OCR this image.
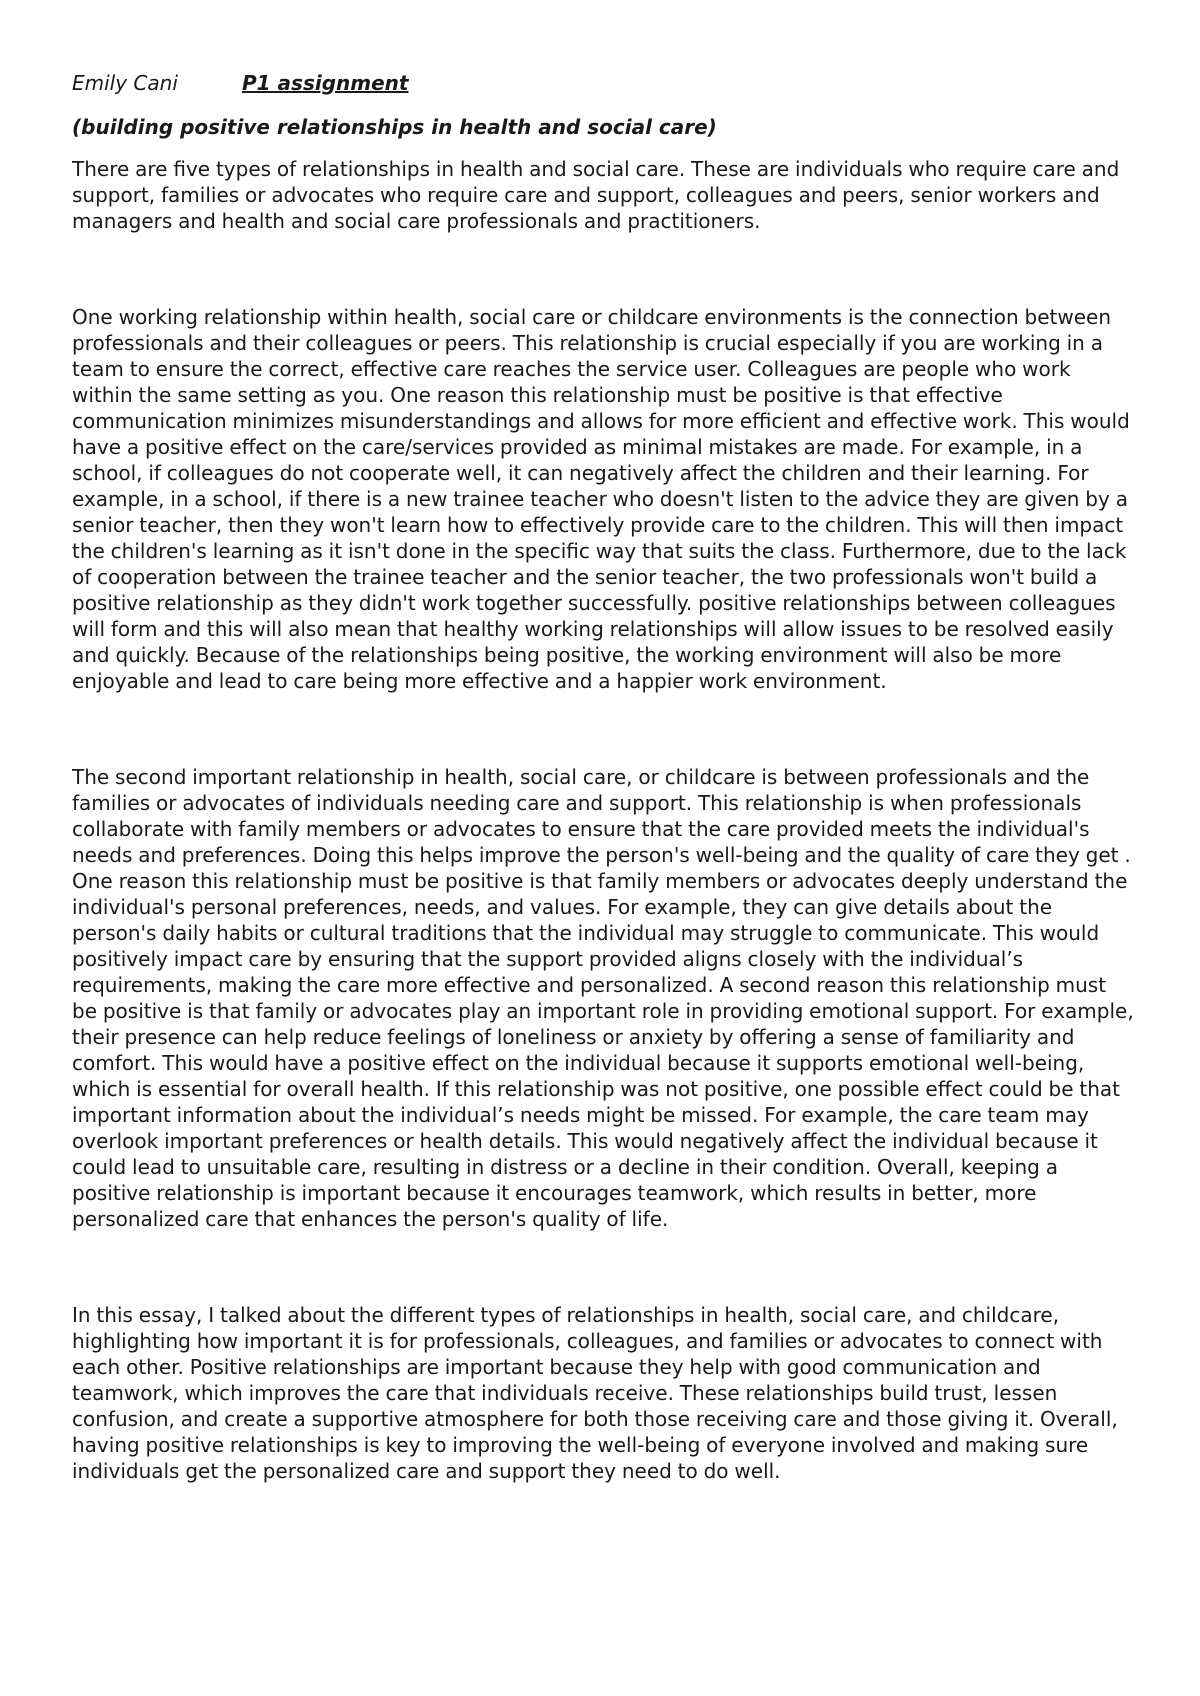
Emily Cani	P1 assignment

(building positive relationships in health and social care)

There are five types of relationships in health and social care. These are individuals who require care and support, families or advocates who require care and support, colleagues and peers, senior workers and managers and health and social care professionals and practitioners.

One working relationship within health, social care or childcare environments is the connection between professionals and their colleagues or peers. This relationship is crucial especially if you are working in a team to ensure the correct, effective care reaches the service user. Colleagues are people who work within the same setting as you. One reason this relationship must be positive is that effective communication minimizes misunderstandings and allows for more efficient and effective work. This would have a positive effect on the care/services provided as minimal mistakes are made. For example, in a school, if colleagues do not cooperate well, it can negatively affect the children and their learning. For example, in a school, if there is a new trainee teacher who doesn't listen to the advice they are given by a senior teacher, then they won't learn how to effectively provide care to the children. This will then impact the children's learning as it isn't done in the specific way that suits the class. Furthermore, due to the lack of cooperation between the trainee teacher and the senior teacher, the two professionals won't build a positive relationship as they didn't work together successfully. positive relationships between colleagues will form and this will also mean that healthy working relationships will allow issues to be resolved easily and quickly. Because of the relationships being positive, the working environment will also be more enjoyable and lead to care being more effective and a happier work environment.

The second important relationship in health, social care, or childcare is between professionals and the families or advocates of individuals needing care and support. This relationship is when professionals collaborate with family members or advocates to ensure that the care provided meets the individual's needs and preferences. Doing this helps improve the person's well-being and the quality of care they get . One reason this relationship must be positive is that family members or advocates deeply understand the individual's personal preferences, needs, and values. For example, they can give details about the person's daily habits or cultural traditions that the individual may struggle to communicate. This would positively impact care by ensuring that the support provided aligns closely with the individual’s requirements, making the care more effective and personalized. A second reason this relationship must be positive is that family or advocates play an important role in providing emotional support. For example, their presence can help reduce feelings of loneliness or anxiety by offering a sense of familiarity and comfort. This would have a positive effect on the individual because it supports emotional well-being, which is essential for overall health. If this relationship was not positive, one possible effect could be that important information about the individual’s needs might be missed. For example, the care team may overlook important preferences or health details. This would negatively affect the individual because it could lead to unsuitable care, resulting in distress or a decline in their condition. Overall, keeping a positive relationship is important because it encourages teamwork, which results in better, more personalized care that enhances the person's quality of life.

In this essay, I talked about the different types of relationships in health, social care, and childcare, highlighting how important it is for professionals, colleagues, and families or advocates to connect with each other. Positive relationships are important because they help with good communication and teamwork, which improves the care that individuals receive. These relationships build trust, lessen confusion, and create a supportive atmosphere for both those receiving care and those giving it. Overall, having positive relationships is key to improving the well-being of everyone involved and making sure individuals get the personalized care and support they need to do well.
